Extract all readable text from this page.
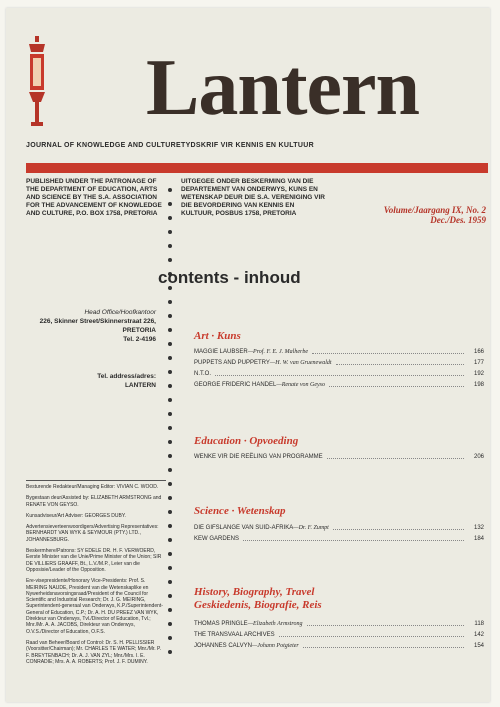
Lantern
JOURNAL OF KNOWLEDGE AND CULTURE TYDSKRIF VIR KENNIS EN KULTUUR
PUBLISHED UNDER THE PATRONAGE OF THE DEPARTMENT OF EDUCATION, ARTS AND SCIENCE BY THE S.A. ASSOCIATION FOR THE ADVANCEMENT OF KNOWLEDGE AND CULTURE, P.O. BOX 1758, PRETORIA
UITGEGEE ONDER BESKERMING VAN DIE DEPARTEMENT VAN ONDERWYS, KUNS EN WETENSKAP DEUR DIE S.A. VERENIGING VIR DIE BEVORDERING VAN KENNIS EN KULTUUR, POSBUS 1758, PRETORIA	Volume/Jaargang IX, No. 2
Dec./Des. 1959
contents - inhoud
Head Office/Hoofkantoor
226, Skinner Street/Skinnerstraat 226,
PRETORIA
Tel. 2-4196
Tel. address/adres:
LANTERN

Besturende Redakteur/Managing Editor: VIVIAN C. WOOD.

Bygestaan deur/Assisted by: ELIZABETH ARMSTRONG and RENATE VON GEYSO.

Kunsadviseur/Art Adviser: GEORGES DUBY.

Advertensieverteenwoordigers/Advertising Representatives: BERNHARDT VAN WYK & SEYMOUR (PTY.) LTD., JOHANNESBURG.

Beskermhere/Patrons: SY EDELE DR. H. F. VERWOERD, Eerste Minister van die Unie/Prime Minister of the Union; SIR DE VILLIERS GRAAFF, Bt., L.V./M.P., Leier van die Opposisie/Leader of the Opposition.

Ere-visepresidente/Honorary Vice-Presidents: Prof. S. MEIRING NAUDE, President van die Wetenskaplike en Nywerheidsnavorsingsraad/President of the Council for Scientific and Industrial Research; Dr. J. G. MEIRING, Superintendent-generaal van Onderwys, K.P./Superintendent-General of Education, C.P.; Dr. A. H. DU PREEZ VAN WYK, Direkteur van Onderwys, Tvl./Director of Education, Tvl.; Mnr./Mr. A. A. JACOBS, Direkteur van Onderwys, O.V.S./Director of Education, O.F.S.

Raad van Beheer/Board of Control: Dr. S. H. PELLISSIER (Voorsitter/Chairman); Mr. CHARLES TE WATER; Mnr./Mr. P. F. BREYTENBACH; Dr. A. J. VAN ZYL; Mnr./Mrs. I. E. CONRADIE; Mrs. A. A. ROBERTS; Prof. J. F. DUMINY.

Art · Kuns
MAGGIE LAUBSER—Prof. F. E. J. Malherbe	166
PUPPETS AND PUPPETRY—H. W. van Gruenewaldt	177
N.T.O.	192
GEORGE FRIDERIC HANDEL—Renate von Geyso	198
Education · Opvoeding
WENKE VIR DIE REËLING VAN PROGRAMME	206
Science · Wetenskap
DIE GIFSLANGE VAN SUID-AFRIKA—Dr. F. Zumpt	132
KEW GARDENS	184
History, Biography, Travel
Geskiedenis, Biografie, Reis
THOMAS PRINGLE—Elizabeth Armstrong	118
THE TRANSVAAL ARCHIVES	142
JOHANNES CALVYN—Johann Potgieter	154
